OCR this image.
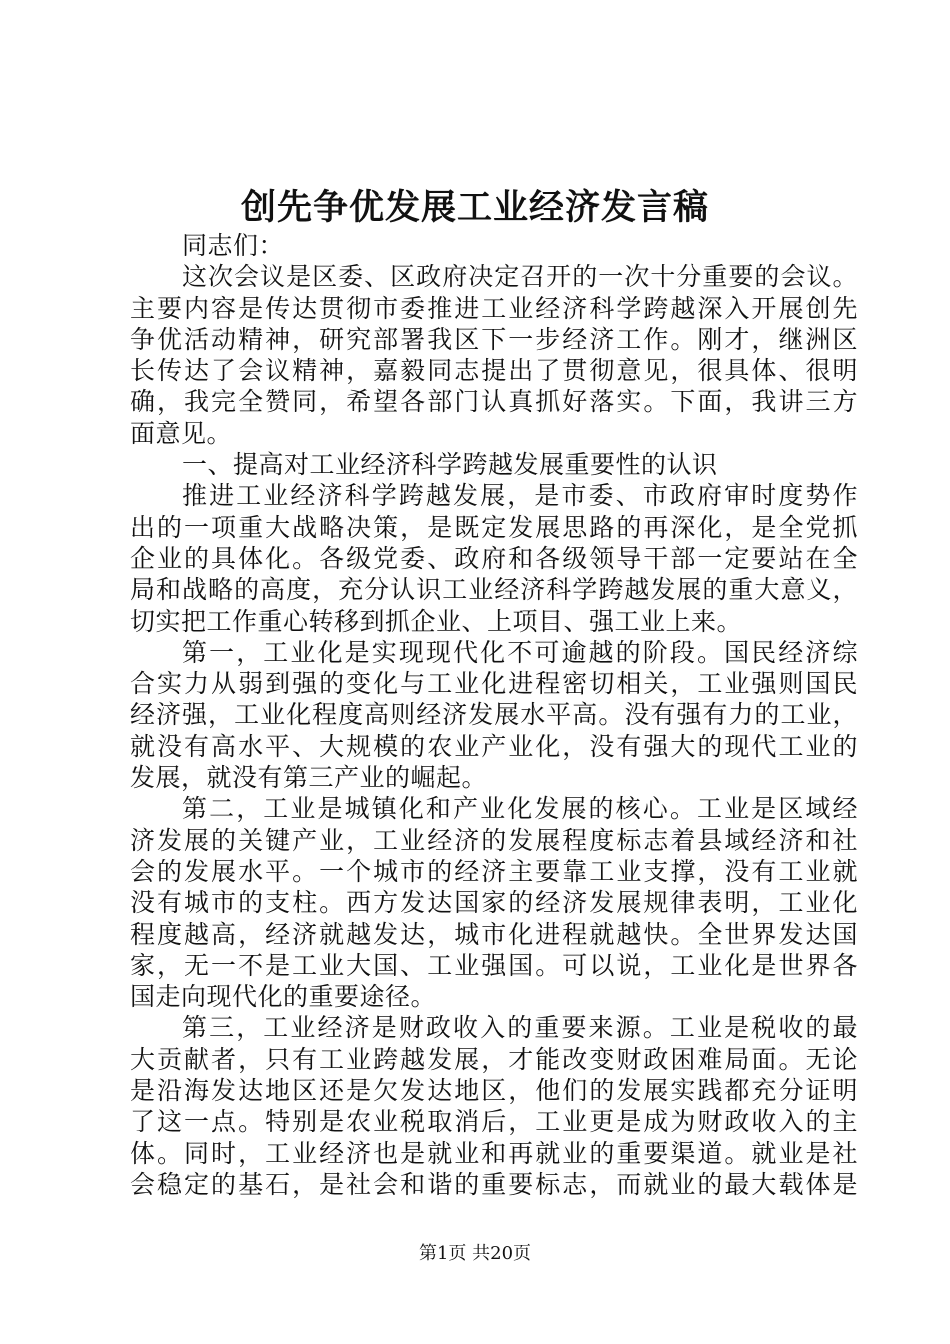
创先争优发展工业经济发言稿
同志们：
这次会议是区委、区政府决定召开的一次十分重要的会议。
主要内容是传达贯彻市委推进工业经济科学跨越深入开展创先
争优活动精神，研究部署我区下一步经济工作。刚才，继洲区
长传达了会议精神，嘉毅同志提出了贯彻意见，很具体、很明
确，我完全赞同，希望各部门认真抓好落实。下面，我讲三方
面意见。
一、提高对工业经济科学跨越发展重要性的认识
推进工业经济科学跨越发展，是市委、市政府审时度势作
出的一项重大战略决策，是既定发展思路的再深化，是全党抓
企业的具体化。各级党委、政府和各级领导干部一定要站在全
局和战略的高度，充分认识工业经济科学跨越发展的重大意义，
切实把工作重心转移到抓企业、上项目、强工业上来。
第一，工业化是实现现代化不可逾越的阶段。国民经济综
合实力从弱到强的变化与工业化进程密切相关，工业强则国民
经济强，工业化程度高则经济发展水平高。没有强有力的工业，
就没有高水平、大规模的农业产业化，没有强大的现代工业的
发展，就没有第三产业的崛起。
第二，工业是城镇化和产业化发展的核心。工业是区域经
济发展的关键产业，工业经济的发展程度标志着县域经济和社
会的发展水平。一个城市的经济主要靠工业支撑，没有工业就
没有城市的支柱。西方发达国家的经济发展规律表明，工业化
程度越高，经济就越发达，城市化进程就越快。全世界发达国
家，无一不是工业大国、工业强国。可以说，工业化是世界各
国走向现代化的重要途径。
第三，工业经济是财政收入的重要来源。工业是税收的最
大贡献者，只有工业跨越发展，才能改变财政困难局面。无论
是沿海发达地区还是欠发达地区，他们的发展实践都充分证明
了这一点。特别是农业税取消后，工业更是成为财政收入的主
体。同时，工业经济也是就业和再就业的重要渠道。就业是社
会稳定的基石，是社会和谐的重要标志，而就业的最大载体是
第1页 共20页
